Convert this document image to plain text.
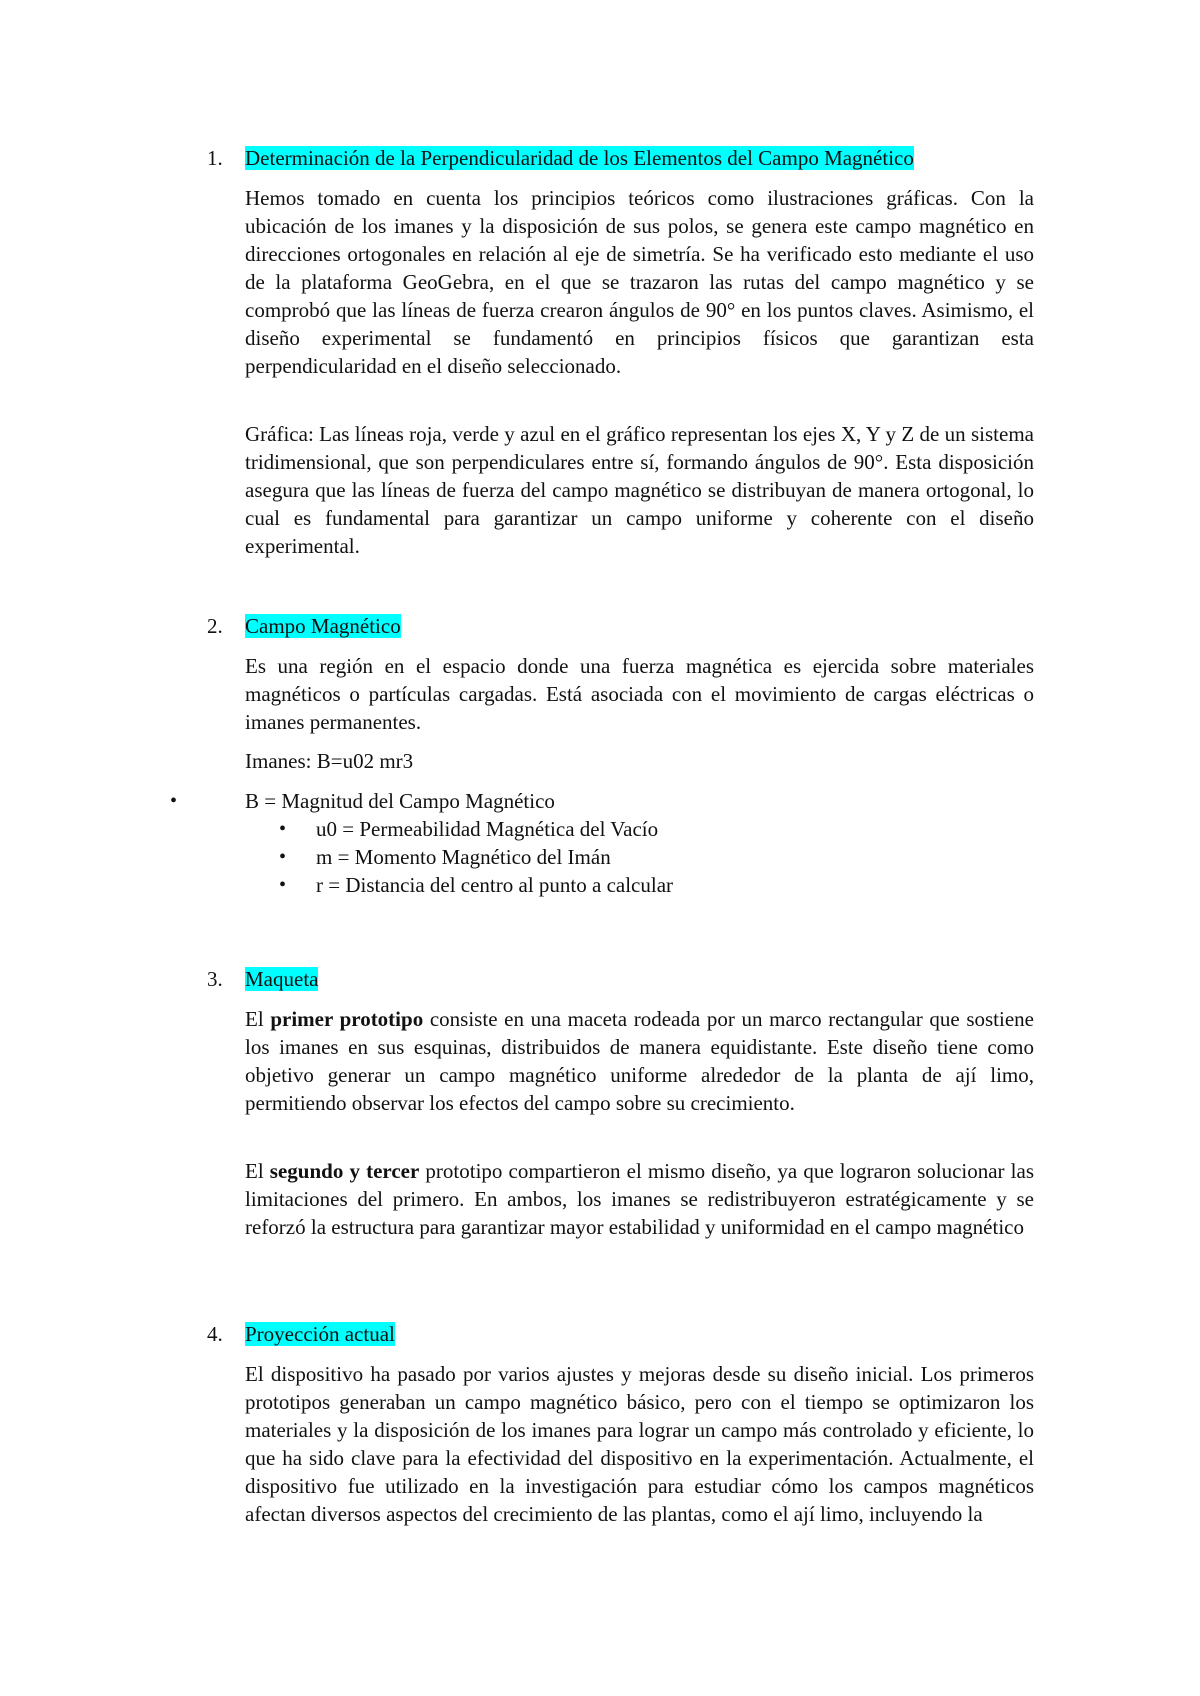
1. Determinación de la Perpendicularidad de los Elementos del Campo Magnético

Hemos tomado en cuenta los principios teóricos como ilustraciones gráficas. Con la ubicación de los imanes y la disposición de sus polos, se genera este campo magnético en direcciones ortogonales en relación al eje de simetría. Se ha verificado esto mediante el uso de la plataforma GeoGebra, en el que se trazaron las rutas del campo magnético y se comprobó que las líneas de fuerza crearon ángulos de 90° en los puntos claves. Asimismo, el diseño experimental se fundamentó en principios físicos que garantizan esta perpendicularidad en el diseño seleccionado.

Gráfica: Las líneas roja, verde y azul en el gráfico representan los ejes X, Y y Z de un sistema tridimensional, que son perpendiculares entre sí, formando ángulos de 90°. Esta disposición asegura que las líneas de fuerza del campo magnético se distribuyan de manera ortogonal, lo cual es fundamental para garantizar un campo uniforme y coherente con el diseño experimental.

2. Campo Magnético

Es una región en el espacio donde una fuerza magnética es ejercida sobre materiales magnéticos o partículas cargadas. Está asociada con el movimiento de cargas eléctricas o imanes permanentes.

Imanes: B=u02 mr3
•	B = Magnitud del Campo Magnético
• u0 = Permeabilidad Magnética del Vacío
• m = Momento Magnético del Imán
• r = Distancia del centro al punto a calcular
3. Maqueta

El primer prototipo consiste en una maceta rodeada por un marco rectangular que sostiene los imanes en sus esquinas, distribuidos de manera equidistante. Este diseño tiene como objetivo generar un campo magnético uniforme alrededor de la planta de ají limo, permitiendo observar los efectos del campo sobre su crecimiento.

El segundo y tercer prototipo compartieron el mismo diseño, ya que lograron solucionar las limitaciones del primero. En ambos, los imanes se redistribuyeron estratégicamente y se reforzó la estructura para garantizar mayor estabilidad y uniformidad en el campo magnético

4. Proyección actual

El dispositivo ha pasado por varios ajustes y mejoras desde su diseño inicial. Los primeros prototipos generaban un campo magnético básico, pero con el tiempo se optimizaron los materiales y la disposición de los imanes para lograr un campo más controlado y eficiente, lo que ha sido clave para la efectividad del dispositivo en la experimentación. Actualmente, el dispositivo fue utilizado en la investigación para estudiar cómo los campos magnéticos afectan diversos aspectos del crecimiento de las plantas, como el ají limo, incluyendo la
